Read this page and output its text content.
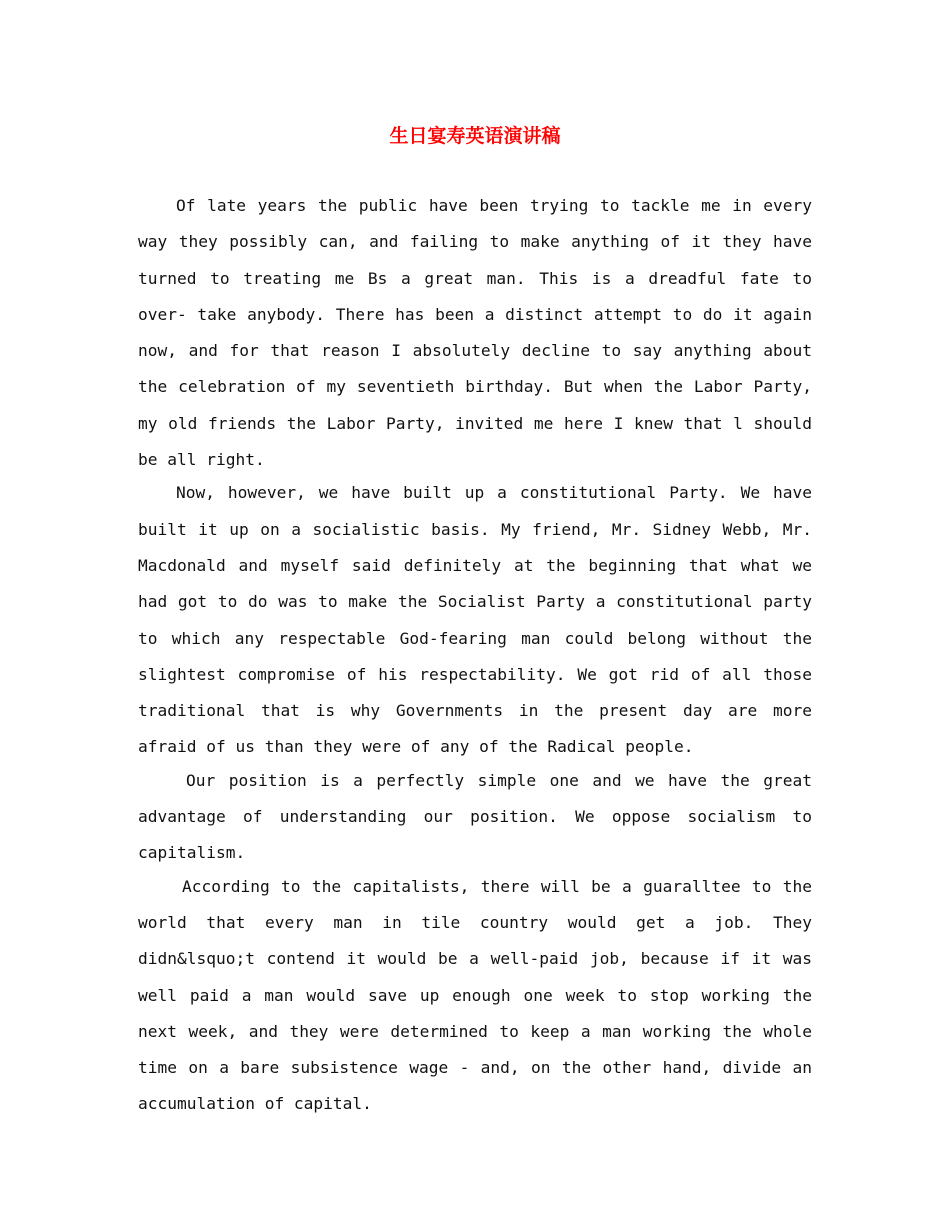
生日宴寿英语演讲稿

Of late years the public have been trying to tackle me in every way they possibly can, and failing to make anything of it they have turned to treating me Bs a great man. This is a dreadful fate to over- take anybody. There has been a distinct attempt to do it again now, and for that reason I absolutely decline to say anything about the celebration of my seventieth birthday. But when the Labor Party, my old friends the Labor Party, invited me here I knew that l should be all right.

Now, however, we have built up a constitutional Party. We have built it up on a socialistic basis. My friend, Mr. Sidney Webb, Mr. Macdonald and myself said definitely at the beginning that what we had got to do was to make the Socialist Party a constitutional party to which any respectable God-fearing man could belong without the slightest compromise of his respectability. We got rid of all those traditional that is why Governments in the present day are more afraid of us than they were of any of the Radical people.

Our position is a perfectly simple one and we have the great advantage of understanding our position. We oppose socialism to capitalism.

According to the capitalists, there will be a guaralltee to the world that every man in tile country would get a job. They didn&lsquo;t contend it would be a well-paid job, because if it was well paid a man would save up enough one week to stop working the next week, and they were determined to keep a man working the whole time on a bare subsistence wage - and, on the other hand, divide an accumulation of capital.
